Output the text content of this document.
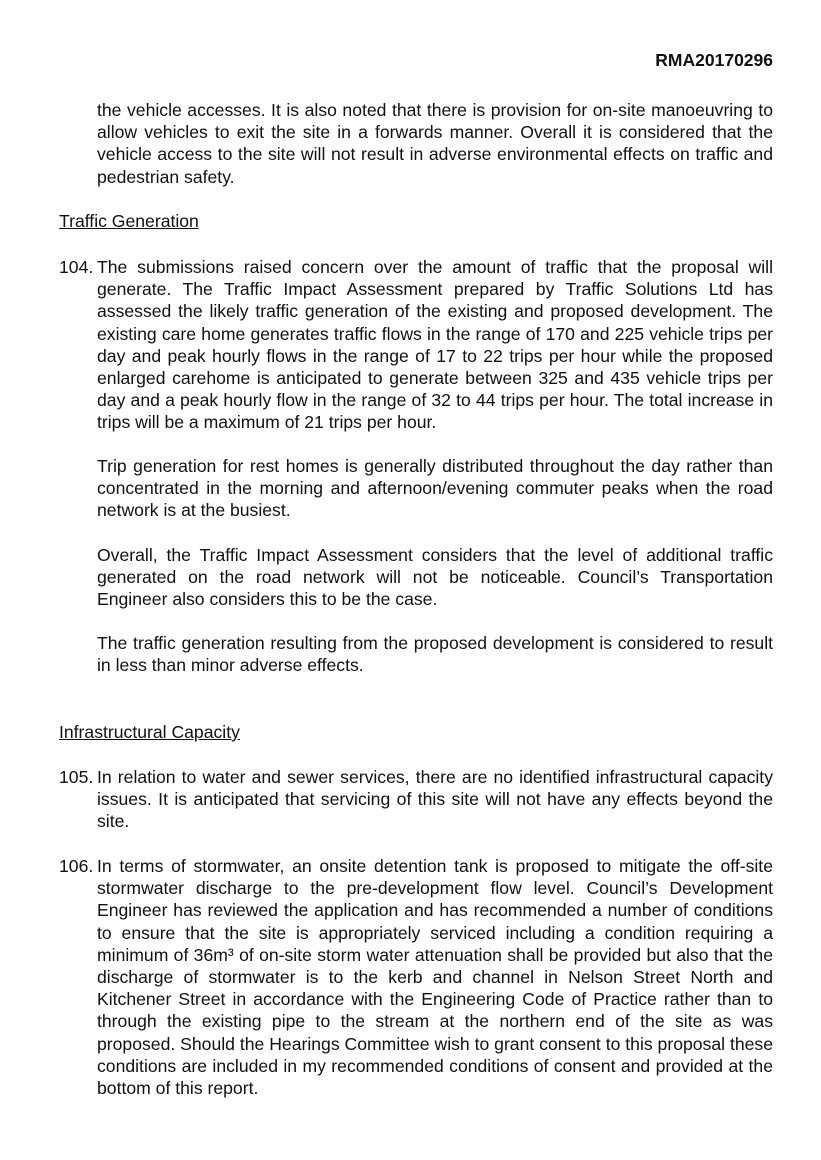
RMA20170296

the vehicle accesses. It is also noted that there is provision for on-site manoeuvring to allow vehicles to exit the site in a forwards manner. Overall it is considered that the vehicle access to the site will not result in adverse environmental effects on traffic and pedestrian safety.

Traffic Generation

104. The submissions raised concern over the amount of traffic that the proposal will generate. The Traffic Impact Assessment prepared by Traffic Solutions Ltd has assessed the likely traffic generation of the existing and proposed development. The existing care home generates traffic flows in the range of 170 and 225 vehicle trips per day and peak hourly flows in the range of 17 to 22 trips per hour while the proposed enlarged carehome is anticipated to generate between 325 and 435 vehicle trips per day and a peak hourly flow in the range of 32 to 44 trips per hour. The total increase in trips will be a maximum of 21 trips per hour.

Trip generation for rest homes is generally distributed throughout the day rather than concentrated in the morning and afternoon/evening commuter peaks when the road network is at the busiest.

Overall, the Traffic Impact Assessment considers that the level of additional traffic generated on the road network will not be noticeable. Council’s Transportation Engineer also considers this to be the case.

The traffic generation resulting from the proposed development is considered to result in less than minor adverse effects.

Infrastructural Capacity

105. In relation to water and sewer services, there are no identified infrastructural capacity issues. It is anticipated that servicing of this site will not have any effects beyond the site.

106. In terms of stormwater, an onsite detention tank is proposed to mitigate the off-site stormwater discharge to the pre-development flow level. Council’s Development Engineer has reviewed the application and has recommended a number of conditions to ensure that the site is appropriately serviced including a condition requiring a minimum of 36m³ of on-site storm water attenuation shall be provided but also that the discharge of stormwater is to the kerb and channel in Nelson Street North and Kitchener Street in accordance with the Engineering Code of Practice rather than to through the existing pipe to the stream at the northern end of the site as was proposed. Should the Hearings Committee wish to grant consent to this proposal these conditions are included in my recommended conditions of consent and provided at the bottom of this report.
